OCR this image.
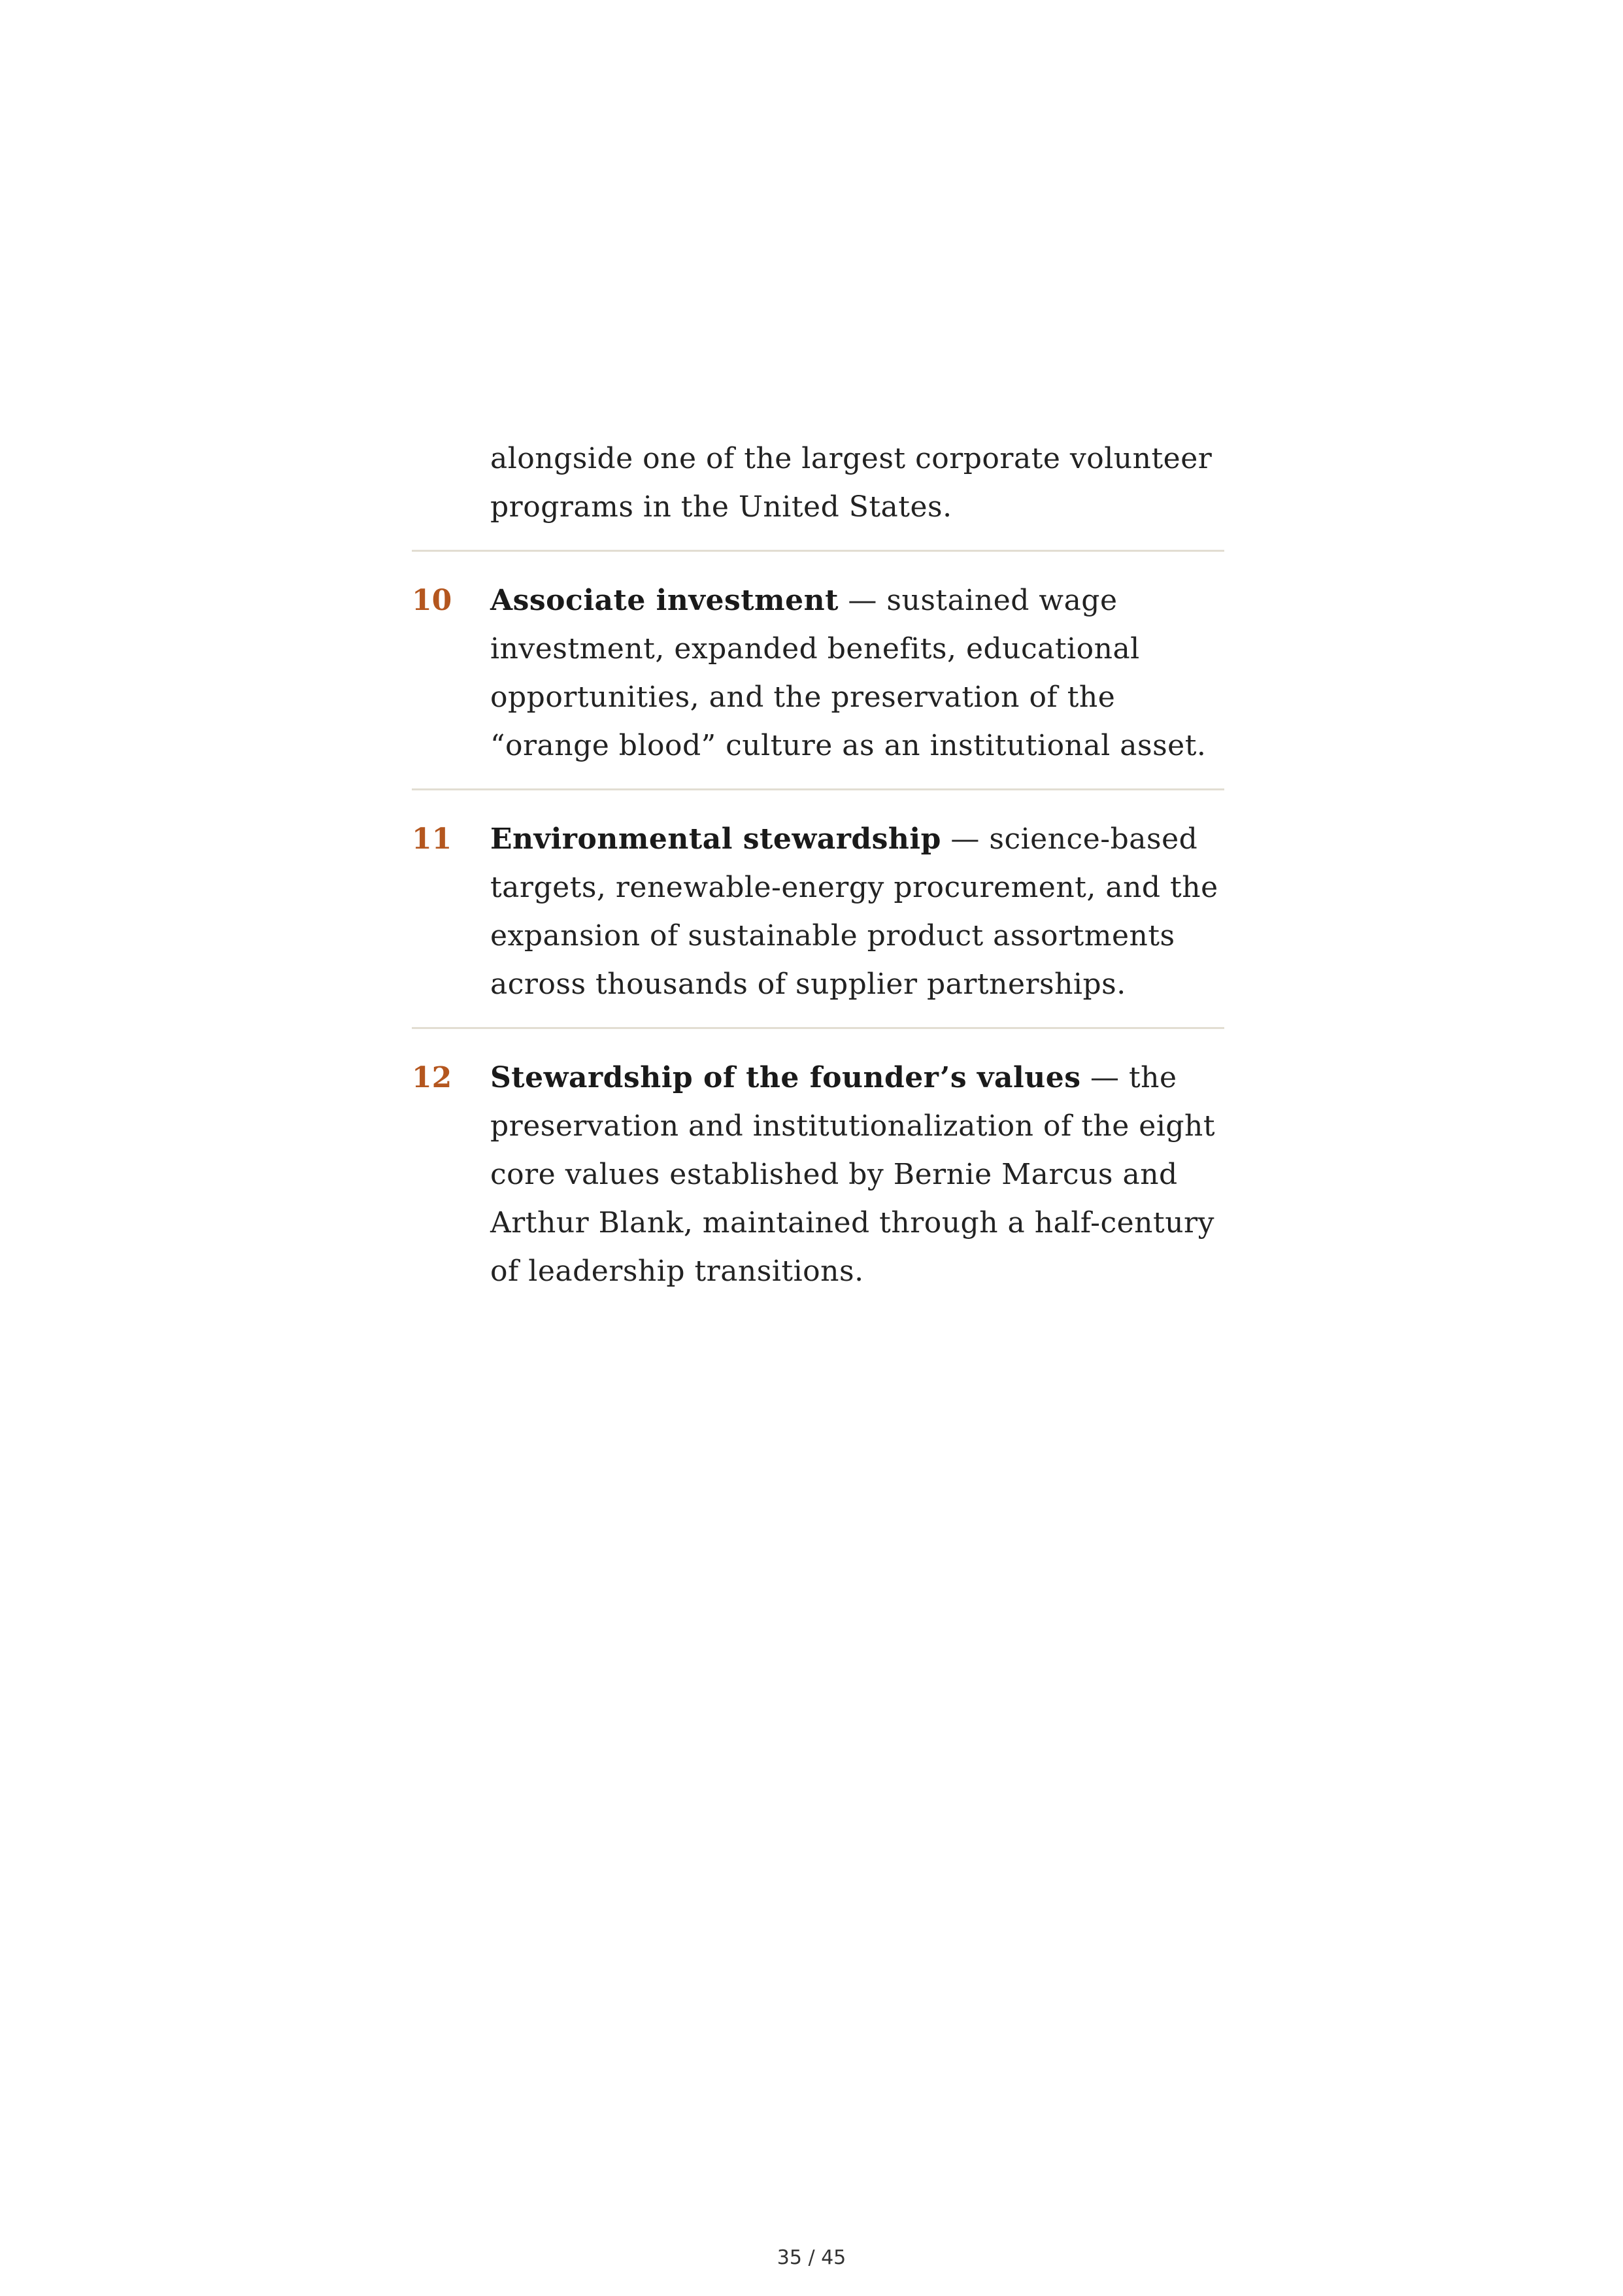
alongside one of the largest corporate volunteer programs in the United States.
10	Associate investment — sustained wage investment, expanded benefits, educational opportunities, and the preservation of the “orange blood” culture as an institutional asset.
11	Environmental stewardship — science-based targets, renewable-energy procurement, and the expansion of sustainable product assortments across thousands of supplier partnerships.
12	Stewardship of the founder’s values — the preservation and institutionalization of the eight core values established by Bernie Marcus and Arthur Blank, maintained through a half-century of leadership transitions.
35 / 45
